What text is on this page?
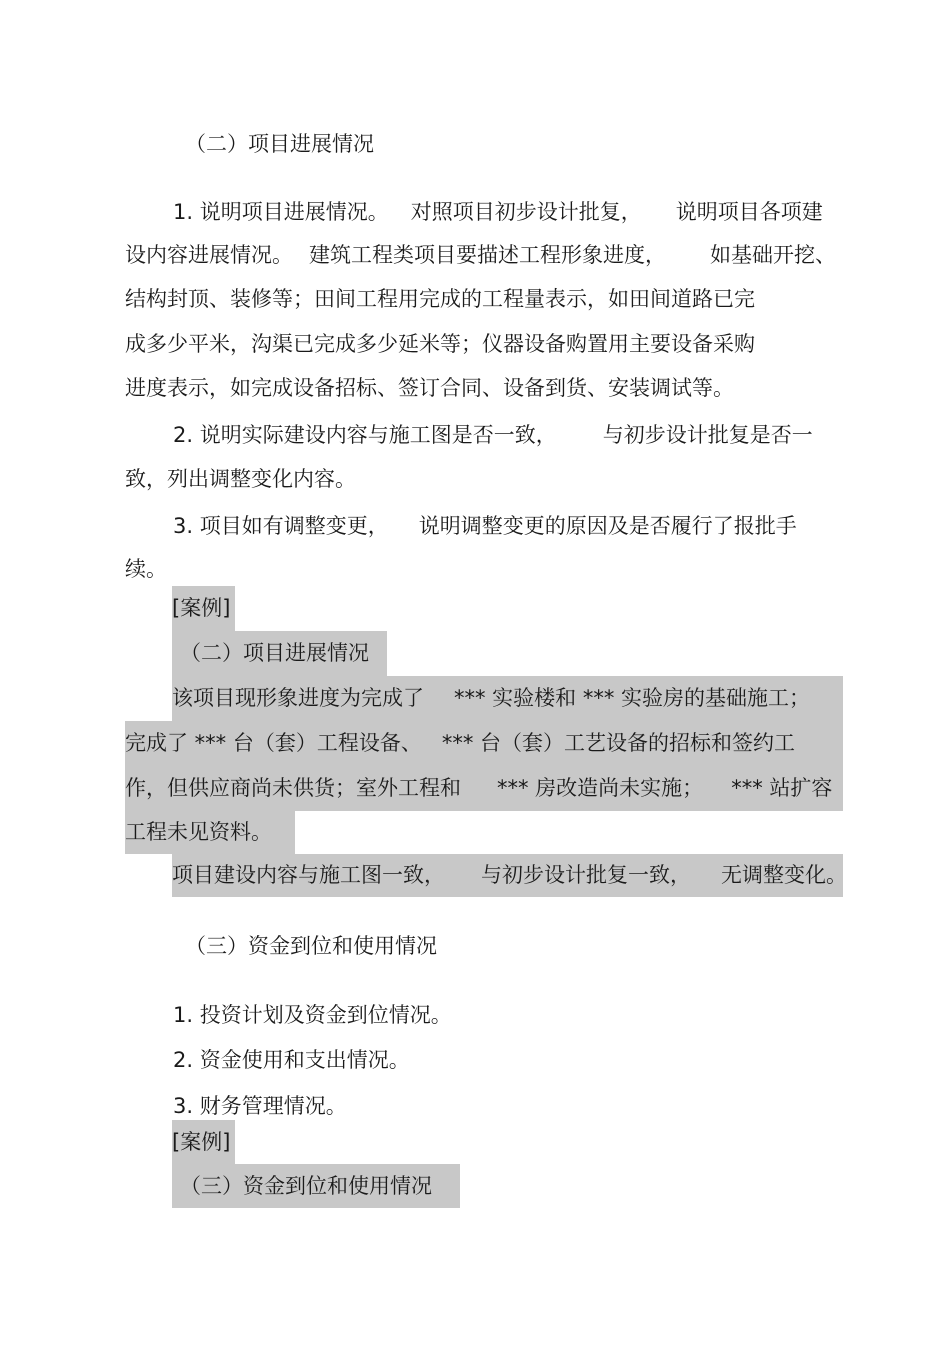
（二）项目进展情况
1. 说明项目进展情况。 对照项目初步设计批复， 说明项目各项建
设内容进展情况。 建筑工程类项目要描述工程形象进度， 如基础开挖、
结构封顶、装修等；田间工程用完成的工程量表示，如田间道路已完
成多少平米，沟渠已完成多少延米等；仪器设备购置用主要设备采购
进度表示，如完成设备招标、签订合同、设备到货、安装调试等。
2. 说明实际建设内容与施工图是否一致， 与初步设计批复是否一
致，列出调整变化内容。
3. 项目如有调整变更， 说明调整变更的原因及是否履行了报批手
续。
[案例]
（二）项目进展情况
该项目现形象进度为完成了 *** 实验楼和 *** 实验房的基础施工；
完成了 *** 台（套）工程设备、 *** 台（套）工艺设备的招标和签约工
作，但供应商尚未供货；室外工程和 *** 房改造尚未实施； *** 站扩容
工程未见资料。
项目建设内容与施工图一致， 与初步设计批复一致， 无调整变化。
（三）资金到位和使用情况
1. 投资计划及资金到位情况。
2. 资金使用和支出情况。
3. 财务管理情况。
[案例]
（三）资金到位和使用情况
